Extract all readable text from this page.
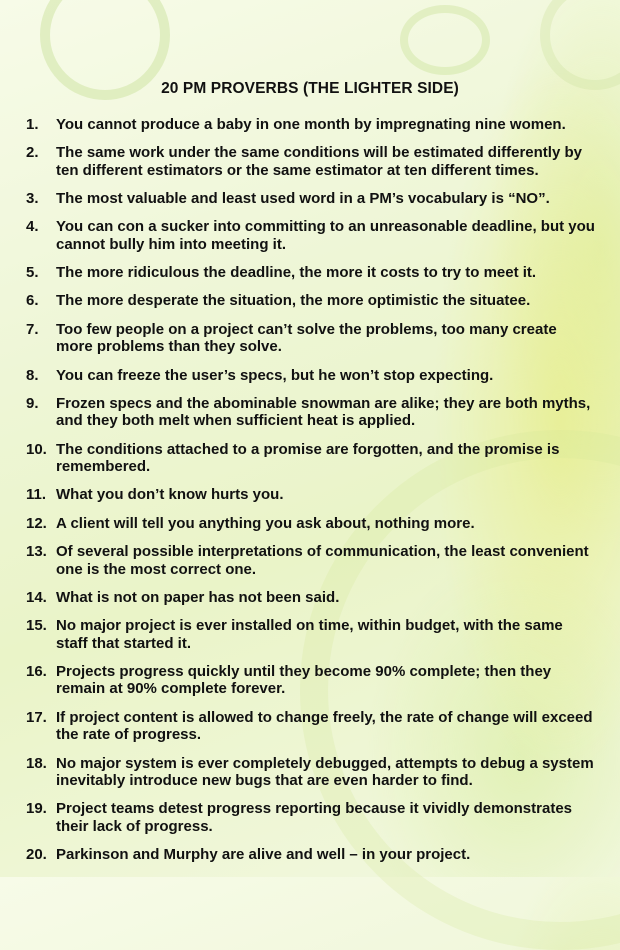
20 PM PROVERBS (THE LIGHTER SIDE)
1.	You cannot produce a baby in one month by impregnating nine women.
2.	The same work under the same conditions will be estimated differently by ten different estimators or the same estimator at ten different times.
3.	The most valuable and least used word in a PM’s vocabulary is “NO”.
4.	You can con a sucker into committing to an unreasonable deadline, but you cannot bully him into meeting it.
5.	The more ridiculous the deadline, the more it costs to try to meet it.
6.	The more desperate the situation, the more optimistic the situatee.
7.	Too few people on a project can’t solve the problems, too many create more problems than they solve.
8.	You can freeze the user’s specs, but he won’t stop expecting.
9.	Frozen specs and the abominable snowman are alike; they are both myths, and they both melt when sufficient heat is applied.
10. The conditions attached to a promise are forgotten, and the promise is remembered.
11. What you don’t know hurts you.
12. A client will tell you anything you ask about, nothing more.
13. Of several possible interpretations of communication, the least convenient one is the most correct one.
14. What is not on paper has not been said.
15. No major project is ever installed on time, within budget, with the same staff that started it.
16. Projects progress quickly until they become 90% complete; then they remain at 90% complete forever.
17. If project content is allowed to change freely, the rate of change will exceed the rate of progress.
18. No major system is ever completely debugged, attempts to debug a system inevitably introduce new bugs that are even harder to find.
19. Project teams detest progress reporting because it vividly demonstrates their lack of progress.
20. Parkinson and Murphy are alive and well – in your project.
